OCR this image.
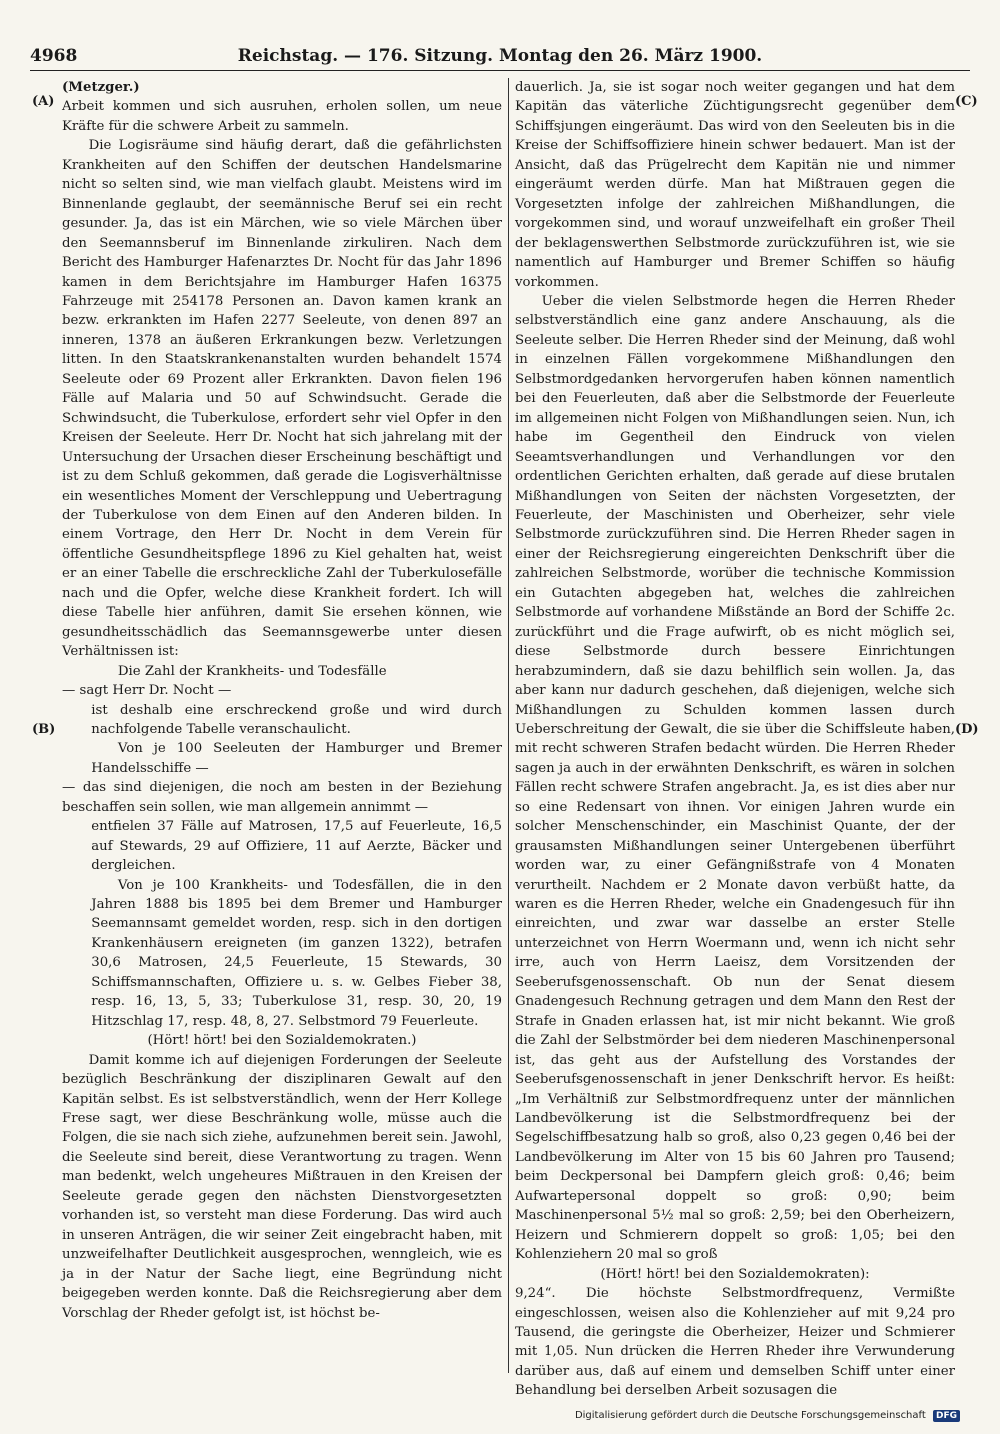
4968	Reichstag. — 176. Sitzung. Montag den 26. März 1900.
(A)
(B)
(C)
(D)

(Metzger.)

Arbeit kommen und sich ausruhen, erholen sollen, um neue Kräfte für die schwere Arbeit zu sammeln.

Die Logisräume sind häufig derart, daß die gefährlichsten Krankheiten auf den Schiffen der deutschen Handelsmarine nicht so selten sind, wie man vielfach glaubt. Meistens wird im Binnenlande geglaubt, der seemännische Beruf sei ein recht gesunder. Ja, das ist ein Märchen, wie so viele Märchen über den Seemannsberuf im Binnenlande zirkuliren. Nach dem Bericht des Hamburger Hafenarztes Dr. Nocht für das Jahr 1896 kamen in dem Berichtsjahre im Hamburger Hafen 16375 Fahrzeuge mit 254178 Personen an. Davon kamen krank an bezw. erkrankten im Hafen 2277 Seeleute, von denen 897 an inneren, 1378 an äußeren Erkrankungen bezw. Verletzungen litten. In den Staatskrankenanstalten wurden behandelt 1574 Seeleute oder 69 Prozent aller Erkrankten. Davon fielen 196 Fälle auf Malaria und 50 auf Schwindsucht. Gerade die Schwindsucht, die Tuberkulose, erfordert sehr viel Opfer in den Kreisen der Seeleute. Herr Dr. Nocht hat sich jahrelang mit der Untersuchung der Ursachen dieser Erscheinung beschäftigt und ist zu dem Schluß gekommen, daß gerade die Logisverhältnisse ein wesentliches Moment der Verschleppung und Uebertragung der Tuberkulose von dem Einen auf den Anderen bilden. In einem Vortrage, den Herr Dr. Nocht in dem Verein für öffentliche Gesundheitspflege 1896 zu Kiel gehalten hat, weist er an einer Tabelle die erschreckliche Zahl der Tuberkulosefälle nach und die Opfer, welche diese Krankheit fordert. Ich will diese Tabelle hier anführen, damit Sie ersehen können, wie gesundheitsschädlich das Seemannsgewerbe unter diesen Verhältnissen ist:

Die Zahl der Krankheits- und Todesfälle

— sagt Herr Dr. Nocht —

ist deshalb eine erschreckend große und wird durch nachfolgende Tabelle veranschaulicht.

Von je 100 Seeleuten der Hamburger und Bremer Handelsschiffe —

— das sind diejenigen, die noch am besten in der Beziehung beschaffen sein sollen, wie man allgemein annimmt —

entfielen 37 Fälle auf Matrosen, 17,5 auf Feuerleute, 16,5 auf Stewards, 29 auf Offiziere, 11 auf Aerzte, Bäcker und dergleichen.

Von je 100 Krankheits- und Todesfällen, die in den Jahren 1888 bis 1895 bei dem Bremer und Hamburger Seemannsamt gemeldet worden, resp. sich in den dortigen Krankenhäusern ereigneten (im ganzen 1322), betrafen 30,6 Matrosen, 24,5 Feuerleute, 15 Stewards, 30 Schiffsmannschaften, Offiziere u. s. w. Gelbes Fieber 38, resp. 16, 13, 5, 33; Tuberkulose 31, resp. 30, 20, 19 Hitzschlag 17, resp. 48, 8, 27. Selbstmord 79 Feuerleute.

(Hört! hört! bei den Sozialdemokraten.)

Damit komme ich auf diejenigen Forderungen der Seeleute bezüglich Beschränkung der disziplinaren Gewalt auf den Kapitän selbst. Es ist selbstverständlich, wenn der Herr Kollege Frese sagt, wer diese Beschränkung wolle, müsse auch die Folgen, die sie nach sich ziehe, aufzunehmen bereit sein. Jawohl, die Seeleute sind bereit, diese Verantwortung zu tragen. Wenn man bedenkt, welch ungeheures Mißtrauen in den Kreisen der Seeleute gerade gegen den nächsten Dienstvorgesetzten vorhanden ist, so versteht man diese Forderung. Das wird auch in unseren Anträgen, die wir seiner Zeit eingebracht haben, mit unzweifelhafter Deutlichkeit ausgesprochen, wenngleich, wie es ja in der Natur der Sache liegt, eine Begründung nicht beigegeben werden konnte. Daß die Reichsregierung aber dem Vorschlag der Rheder gefolgt ist, ist höchst be-

dauerlich. Ja, sie ist sogar noch weiter gegangen und hat dem Kapitän das väterliche Züchtigungsrecht gegenüber dem Schiffsjungen eingeräumt. Das wird von den Seeleuten bis in die Kreise der Schiffsoffiziere hinein schwer bedauert. Man ist der Ansicht, daß das Prügelrecht dem Kapitän nie und nimmer eingeräumt werden dürfe. Man hat Mißtrauen gegen die Vorgesetzten infolge der zahlreichen Mißhandlungen, die vorgekommen sind, und worauf unzweifelhaft ein großer Theil der beklagenswerthen Selbstmorde zurückzuführen ist, wie sie namentlich auf Hamburger und Bremer Schiffen so häufig vorkommen.

Ueber die vielen Selbstmorde hegen die Herren Rheder selbstverständlich eine ganz andere Anschauung, als die Seeleute selber. Die Herren Rheder sind der Meinung, daß wohl in einzelnen Fällen vorgekommene Mißhandlungen den Selbstmordgedanken hervorgerufen haben können namentlich bei den Feuerleuten, daß aber die Selbstmorde der Feuerleute im allgemeinen nicht Folgen von Mißhandlungen seien. Nun, ich habe im Gegentheil den Eindruck von vielen Seeamtsverhandlungen und Verhandlungen vor den ordentlichen Gerichten erhalten, daß gerade auf diese brutalen Mißhandlungen von Seiten der nächsten Vorgesetzten, der Feuerleute, der Maschinisten und Oberheizer, sehr viele Selbstmorde zurückzuführen sind. Die Herren Rheder sagen in einer der Reichsregierung eingereichten Denkschrift über die zahlreichen Selbstmorde, worüber die technische Kommission ein Gutachten abgegeben hat, welches die zahlreichen Selbstmorde auf vorhandene Mißstände an Bord der Schiffe 2c. zurückführt und die Frage aufwirft, ob es nicht möglich sei, diese Selbstmorde durch bessere Einrichtungen herabzumindern, daß sie dazu behilflich sein wollen. Ja, das aber kann nur dadurch geschehen, daß diejenigen, welche sich Mißhandlungen zu Schulden kommen lassen durch Ueberschreitung der Gewalt, die sie über die Schiffsleute haben, mit recht schweren Strafen bedacht würden. Die Herren Rheder sagen ja auch in der erwähnten Denkschrift, es wären in solchen Fällen recht schwere Strafen angebracht. Ja, es ist dies aber nur so eine Redensart von ihnen. Vor einigen Jahren wurde ein solcher Menschenschinder, ein Maschinist Quante, der der grausamsten Mißhandlungen seiner Untergebenen überführt worden war, zu einer Gefängnißstrafe von 4 Monaten verurtheilt. Nachdem er 2 Monate davon verbüßt hatte, da waren es die Herren Rheder, welche ein Gnadengesuch für ihn einreichten, und zwar war dasselbe an erster Stelle unterzeichnet von Herrn Woermann und, wenn ich nicht sehr irre, auch von Herrn Laeisz, dem Vorsitzenden der Seeberufsgenossenschaft. Ob nun der Senat diesem Gnadengesuch Rechnung getragen und dem Mann den Rest der Strafe in Gnaden erlassen hat, ist mir nicht bekannt. Wie groß die Zahl der Selbstmörder bei dem niederen Maschinenpersonal ist, das geht aus der Aufstellung des Vorstandes der Seeberufsgenossenschaft in jener Denkschrift hervor. Es heißt: „Im Verhältniß zur Selbstmordfrequenz unter der männlichen Landbevölkerung ist die Selbstmordfrequenz bei der Segelschiffbesatzung halb so groß, also 0,23 gegen 0,46 bei der Landbevölkerung im Alter von 15 bis 60 Jahren pro Tausend; beim Deckpersonal bei Dampfern gleich groß: 0,46; beim Aufwartepersonal doppelt so groß: 0,90; beim Maschinenpersonal 5½ mal so groß: 2,59; bei den Oberheizern, Heizern und Schmierern doppelt so groß: 1,05; bei den Kohlenziehern 20 mal so groß

(Hört! hört! bei den Sozialdemokraten):

9,24“. Die höchste Selbstmordfrequenz, Vermißte eingeschlossen, weisen also die Kohlenzieher auf mit 9,24 pro Tausend, die geringste die Oberheizer, Heizer und Schmierer mit 1,05. Nun drücken die Herren Rheder ihre Verwunderung darüber aus, daß auf einem und demselben Schiff unter einer Behandlung bei derselben Arbeit sozusagen die

Digitalisierung gefördert durch die Deutsche Forschungsgemeinschaft DFG
